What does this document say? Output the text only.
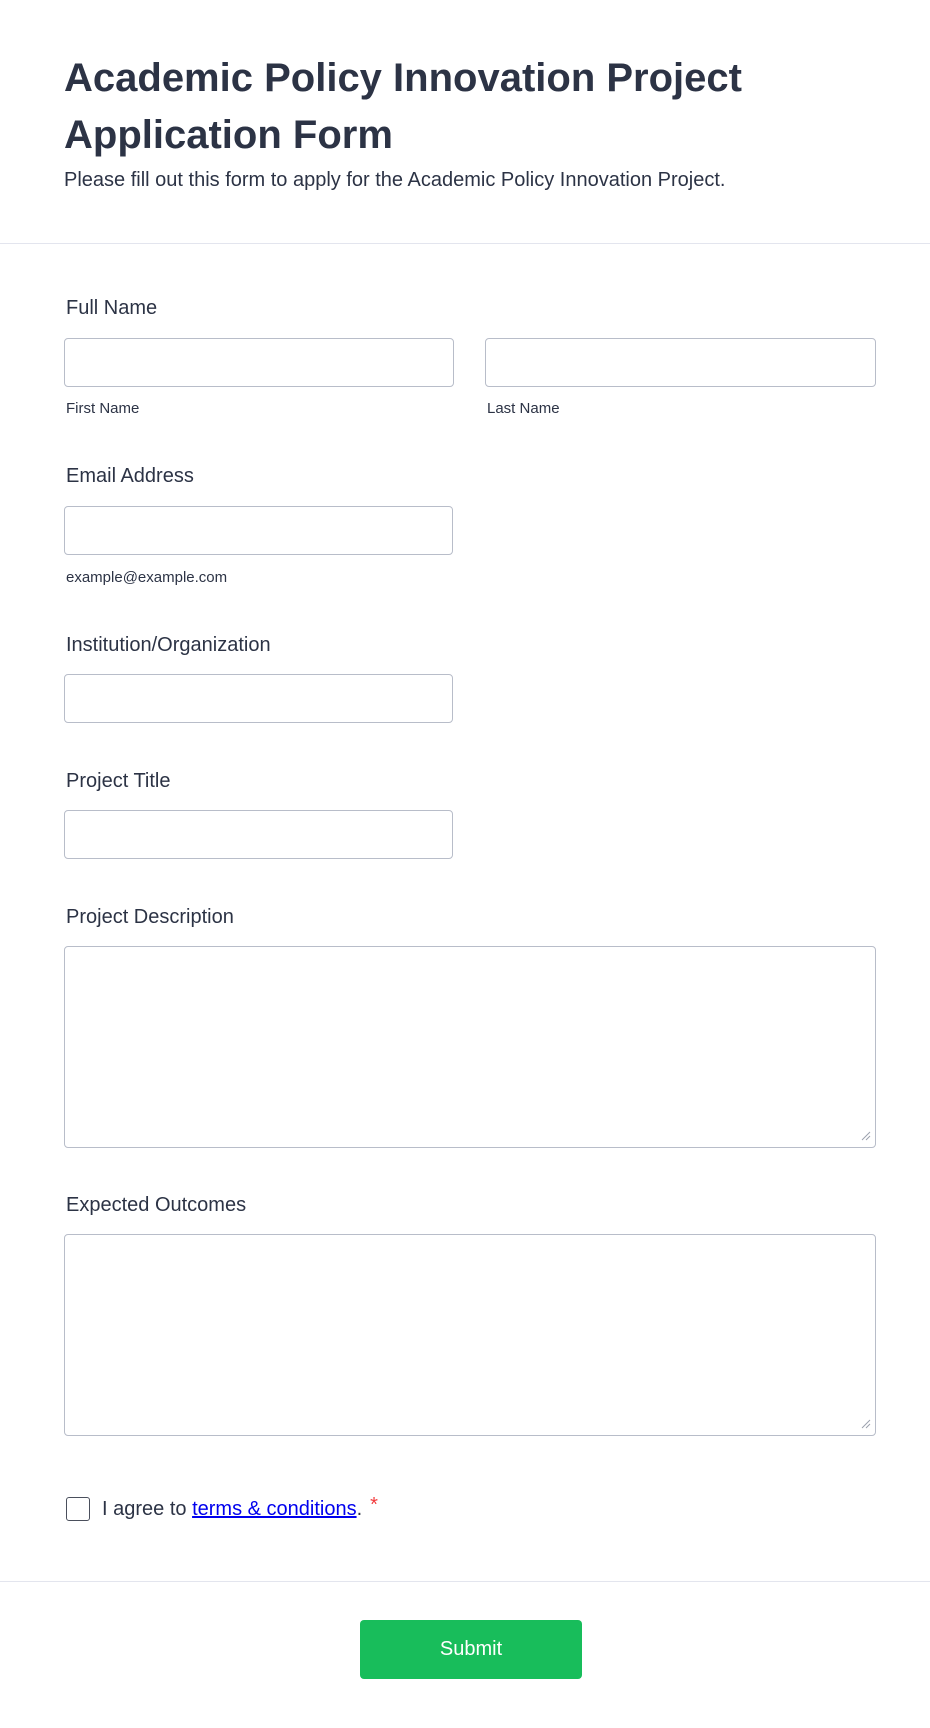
Academic Policy Innovation Project Application Form

Please fill out this form to apply for the Academic Policy Innovation Project.

Full Name
First Name	Last Name
Email Address
example@example.com
Institution/Organization
Project Title
Project Description
Expected Outcomes
I agree to terms & conditions. *
Submit
